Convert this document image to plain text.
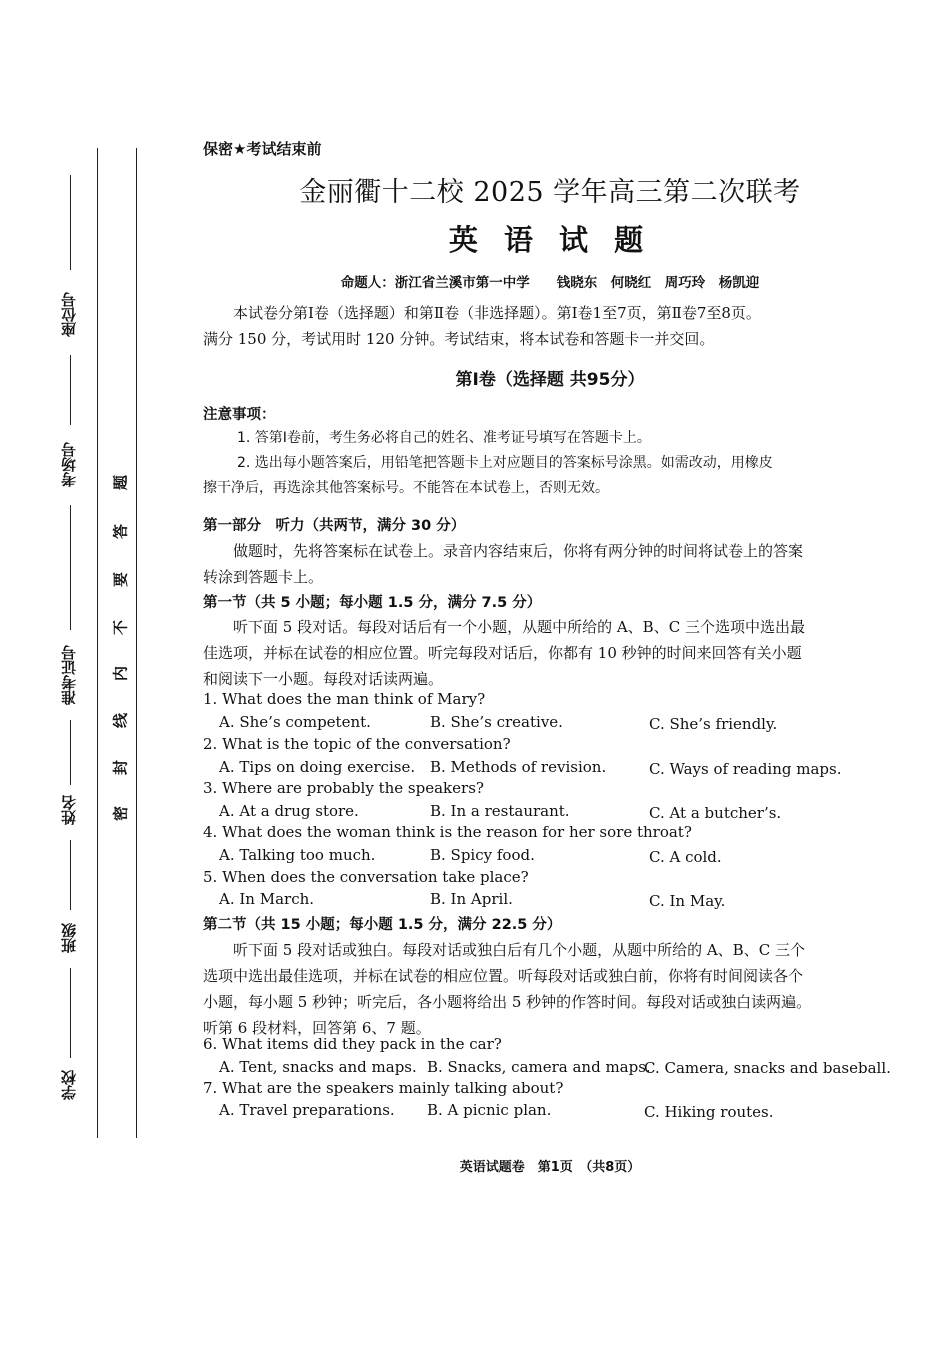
座位号
考场号
准考证号
姓名
班级
学校
题
答
要
不
内
线
封
密
保密★考试结束前
金丽衢十二校 2025 学年高三第二次联考
英 语 试 题
命题人：浙江省兰溪市第一中学　　钱晓东　何晓红　周巧玲　杨凯迎
本试卷分第Ⅰ卷（选择题）和第Ⅱ卷（非选择题）。第Ⅰ卷1至7页，第Ⅱ卷7至8页。
满分 150 分，考试用时 120 分钟。考试结束，将本试卷和答题卡一并交回。
第Ⅰ卷（选择题 共95分）
注意事项：
1. 答第Ⅰ卷前，考生务必将自己的姓名、准考证号填写在答题卡上。
2. 选出每小题答案后，用铅笔把答题卡上对应题目的答案标号涂黑。如需改动，用橡皮
擦干净后，再选涂其他答案标号。不能答在本试卷上，否则无效。
第一部分　听力（共两节，满分 30 分）
做题时，先将答案标在试卷上。录音内容结束后，你将有两分钟的时间将试卷上的答案
转涂到答题卡上。
第一节（共 5 小题；每小题 1.5 分，满分 7.5 分）
听下面 5 段对话。每段对话后有一个小题，从题中所给的 A、B、C 三个选项中选出最
佳选项，并标在试卷的相应位置。听完每段对话后，你都有 10 秒钟的时间来回答有关小题
和阅读下一小题。每段对话读两遍。
1. What does the man think of Mary?
A. She’s competent.	B. She’s creative.	C. She’s friendly.
2. What is the topic of the conversation?
A. Tips on doing exercise. B. Methods of revision.	C. Ways of reading maps.
3. Where are probably the speakers?
A. At a drug store.	B. In a restaurant.	C. At a butcher’s.
4. What does the woman think is the reason for her sore throat?
A. Talking too much.	B. Spicy food.	C. A cold.
5. When does the conversation take place?
A. In March.	B. In April.	C. In May.
第二节（共 15 小题；每小题 1.5 分，满分 22.5 分）
听下面 5 段对话或独白。每段对话或独白后有几个小题，从题中所给的 A、B、C 三个
选项中选出最佳选项，并标在试卷的相应位置。听每段对话或独白前，你将有时间阅读各个
小题，每小题 5 秒钟；听完后，各小题将给出 5 秒钟的作答时间。每段对话或独白读两遍。
听第 6 段材料，回答第 6、7 题。
6. What items did they pack in the car?
A. Tent, snacks and maps. B. Snacks, camera and maps.
C. Camera, snacks and baseball.
7. What are the speakers mainly talking about?
A. Travel preparations. B. A picnic plan.	C. Hiking routes.
英语试题卷　第1页　（共8页）
